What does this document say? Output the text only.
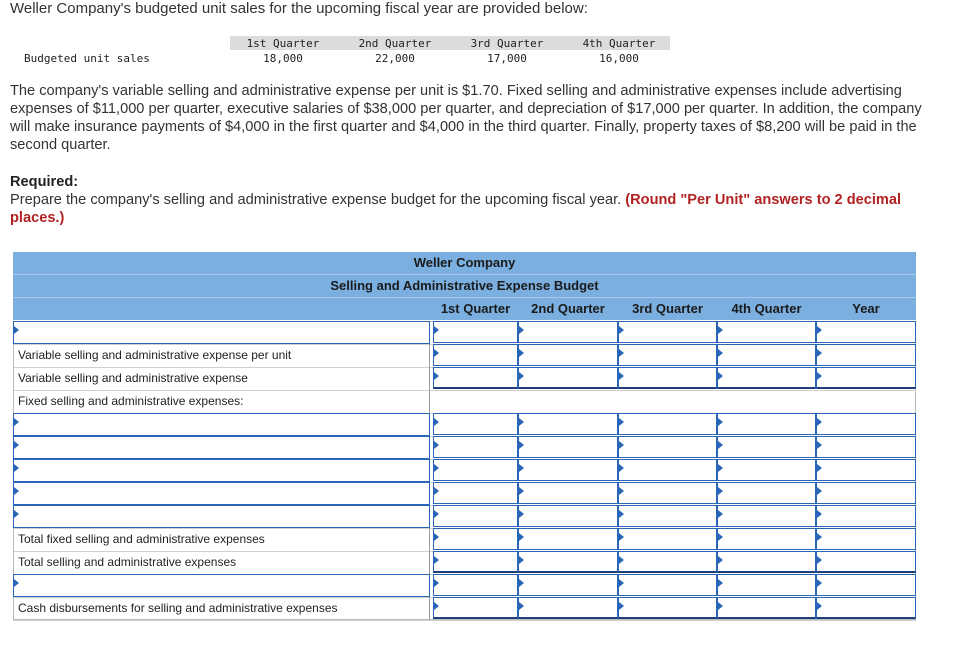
Weller Company's budgeted unit sales for the upcoming fiscal year are provided below:
1st Quarter	2nd Quarter	3rd Quarter	4th Quarter
Budgeted unit sales	18,000	22,000	17,000	16,000
The company's variable selling and administrative expense per unit is $1.70. Fixed selling and administrative expenses include advertising expenses of $11,000 per quarter, executive salaries of $38,000 per quarter, and depreciation of $17,000 per quarter. In addition, the company will make insurance payments of $4,000 in the first quarter and $4,000 in the third quarter. Finally, property taxes of $8,200 will be paid in the second quarter.
Required:
Prepare the company's selling and administrative expense budget for the upcoming fiscal year. (Round "Per Unit" answers to 2 decimal places.)
Weller Company
Selling and Administrative Expense Budget
1st Quarter	2nd Quarter	3rd Quarter	4th Quarter	Year
Variable selling and administrative expense per unit
Variable selling and administrative expense
Fixed selling and administrative expenses:
Total fixed selling and administrative expenses
Total selling and administrative expenses
Cash disbursements for selling and administrative expenses
